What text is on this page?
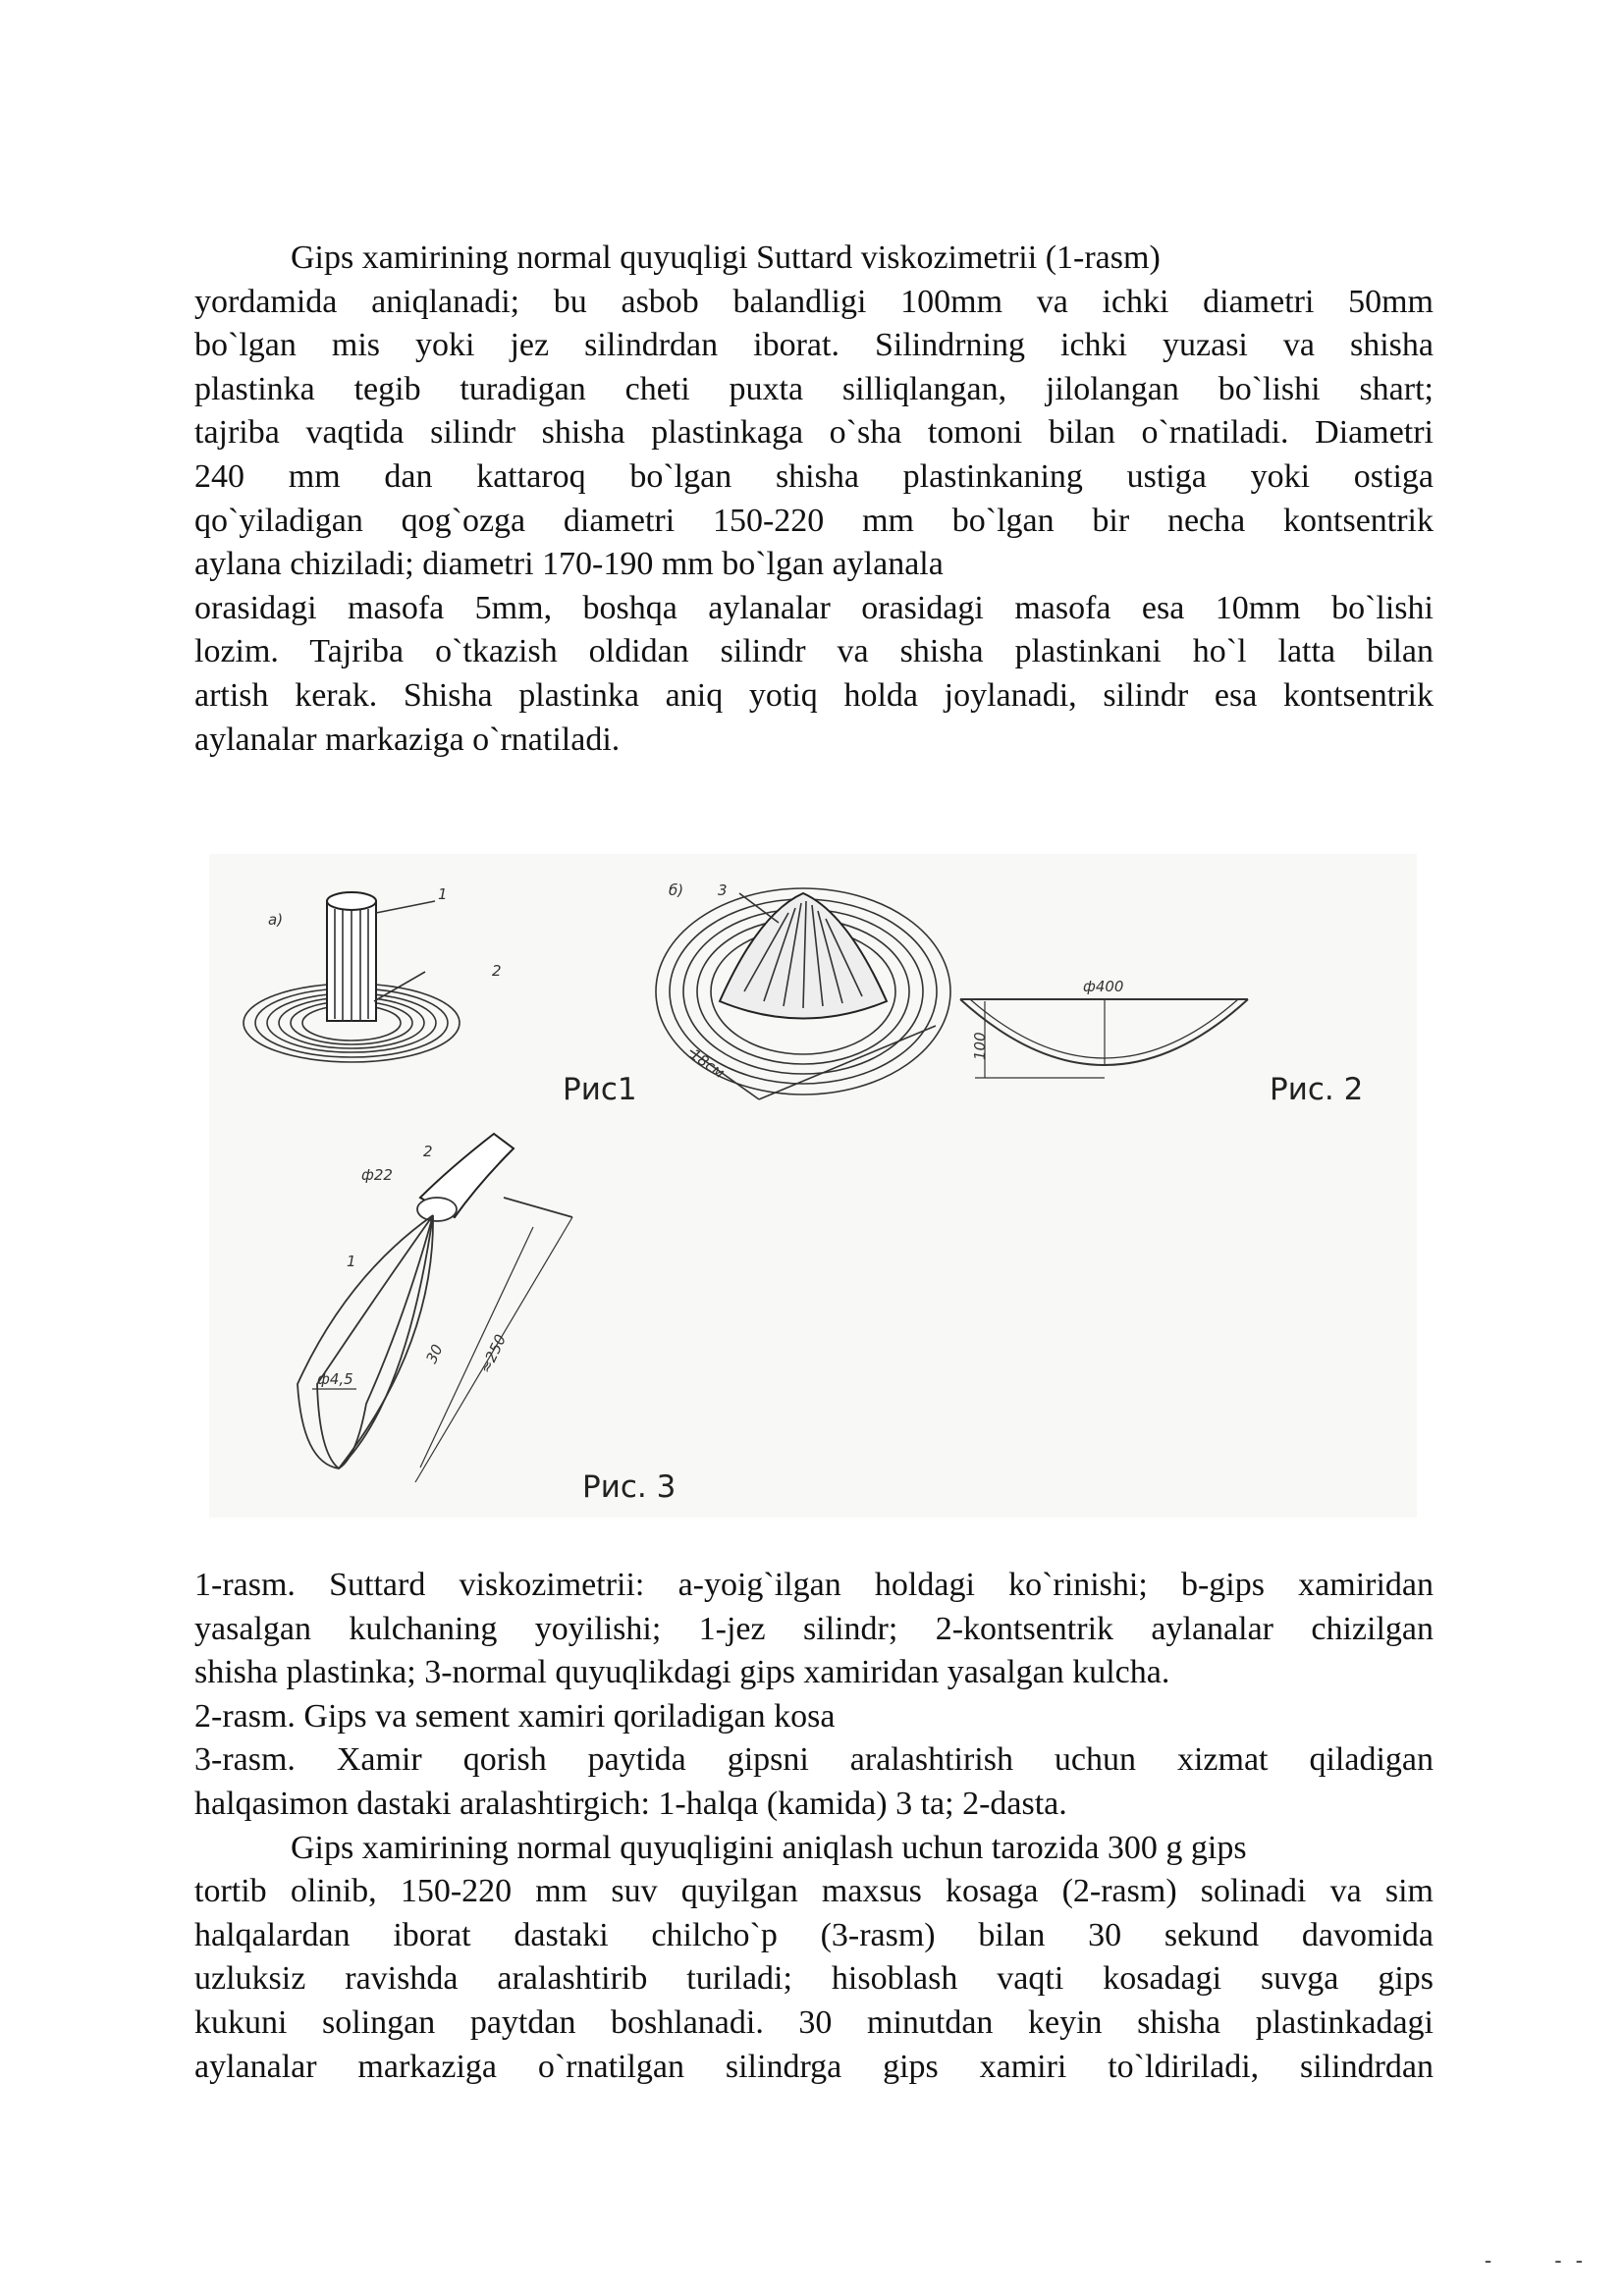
Gips xamirining normal quyuqligi Suttard viskozimetrii (1-rasm)

yordamida aniqlanadi; bu asbob balandligi 100mm va ichki diametri 50mm

bo`lgan mis yoki jez silindrdan iborat. Silindrning ichki yuzasi va shisha

plastinka tegib turadigan cheti puxta silliqlangan, jilolangan bo`lishi shart;

tajriba vaqtida silindr shisha plastinkaga o`sha tomoni bilan o`rnatiladi. Diametri

240 mm dan kattaroq bo`lgan shisha plastinkaning ustiga yoki ostiga

qo`yiladigan qog`ozga diametri 150-220 mm bo`lgan bir necha kontsentrik

aylana chiziladi; diametri 170-190 mm bo`lgan aylanala

orasidagi masofa 5mm, boshqa aylanalar orasidagi masofa esa 10mm bo`lishi

lozim. Tajriba o`tkazish oldidan silindr va shisha plastinkani ho`l latta bilan

artish kerak. Shisha plastinka aniq yotiq holda joylanadi, silindr esa kontsentrik

aylanalar markaziga o`rnatiladi.

a)
1
2
б) 3
18см
Рис1
ф400
100
Рис. 2
ф22
ф4,5
30 ≈250
2
1
Рис. 3

1-rasm. Suttard viskozimetrii: a-yoig`ilgan holdagi ko`rinishi; b-gips xamiridan

yasalgan kulchaning yoyilishi; 1-jez silindr; 2-kontsentrik aylanalar chizilgan

shisha plastinka; 3-normal quyuqlikdagi gips xamiridan yasalgan kulcha.

2-rasm. Gips va sement xamiri qoriladigan kosa

3-rasm. Xamir qorish paytida gipsni aralashtirish uchun xizmat qiladigan

halqasimon dastaki aralashtirgich: 1-halqa (kamida) 3 ta; 2-dasta.

Gips xamirining normal quyuqligini aniqlash uchun tarozida 300 g gips

tortib olinib, 150-220 mm suv quyilgan maxsus kosaga (2-rasm) solinadi va sim

halqalardan iborat dastaki chilcho`p (3-rasm) bilan 30 sekund davomida

uzluksiz ravishda aralashtirib turiladi; hisoblash vaqti kosadagi suvga gips

kukuni solingan paytdan boshlanadi. 30 minutdan keyin shisha plastinkadagi

aylanalar markaziga o`rnatilgan silindrga gips xamiri to`ldiriladi, silindrdan

-	- -
